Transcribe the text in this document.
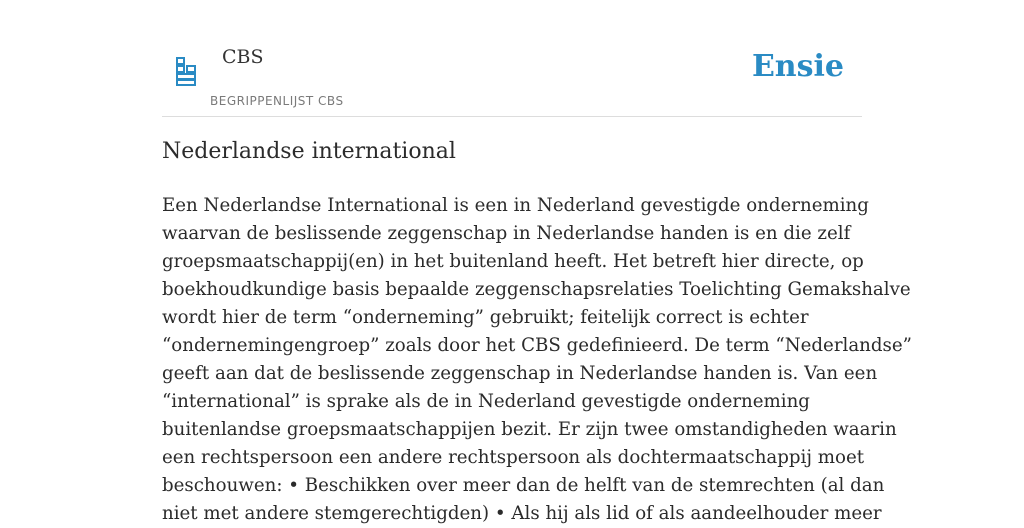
CBS
BEGRIPPENLIJST CBS
Ensie
Nederlandse international

Een Nederlandse International is een in Nederland gevestigde onderneming
waarvan de beslissende zeggenschap in Nederlandse handen is en die zelf
groepsmaatschappij(en) in het buitenland heeft. Het betreft hier directe, op
boekhoudkundige basis bepaalde zeggenschapsrelaties Toelichting Gemakshalve
wordt hier de term “onderneming” gebruikt; feitelijk correct is echter
“ondernemingengroep” zoals door het CBS gedefinieerd. De term “Nederlandse”
geeft aan dat de beslissende zeggenschap in Nederlandse handen is. Van een
“international” is sprake als de in Nederland gevestigde onderneming
buitenlandse groepsmaatschappijen bezit. Er zijn twee omstandigheden waarin
een rechtspersoon een andere rechtspersoon als dochtermaatschappij moet
beschouwen: • Beschikken over meer dan de helft van de stemrechten (al dan
niet met andere stemgerechtigden) • Als hij als lid of als aandeelhouder meer
